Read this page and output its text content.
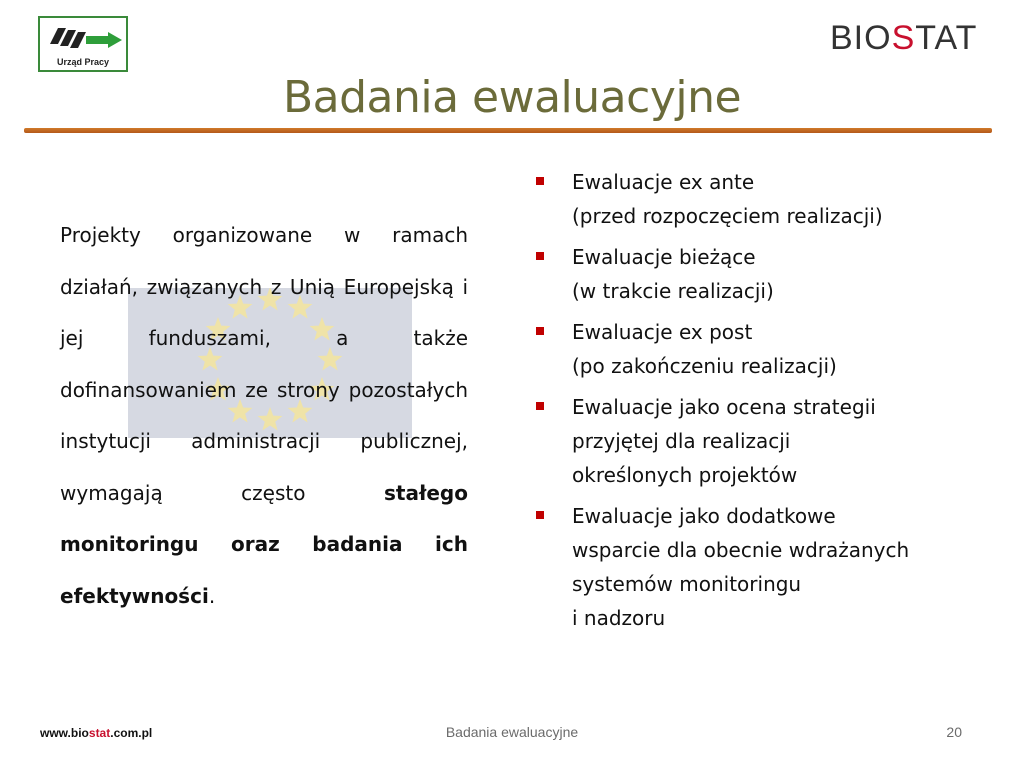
Urząd Pracy
BIOSTAT
Badania ewaluacyjne
Projekty organizowane w ramach działań, związanych z Unią Europejską i jej funduszami, a także dofinansowaniem ze strony pozostałych instytucji administracji publicznej, wymagają często stałego monitoringu oraz badania ich efektywności.
Ewaluacje ex ante
(przed rozpoczęciem realizacji)
Ewaluacje bieżące
(w trakcie realizacji)
Ewaluacje ex post
(po zakończeniu realizacji)
Ewaluacje jako ocena strategii
przyjętej dla realizacji
określonych projektów
Ewaluacje jako dodatkowe
wsparcie dla obecnie wdrażanych
systemów monitoringu
i nadzoru
www.biostat.com.pl	Badania ewaluacyjne	20
